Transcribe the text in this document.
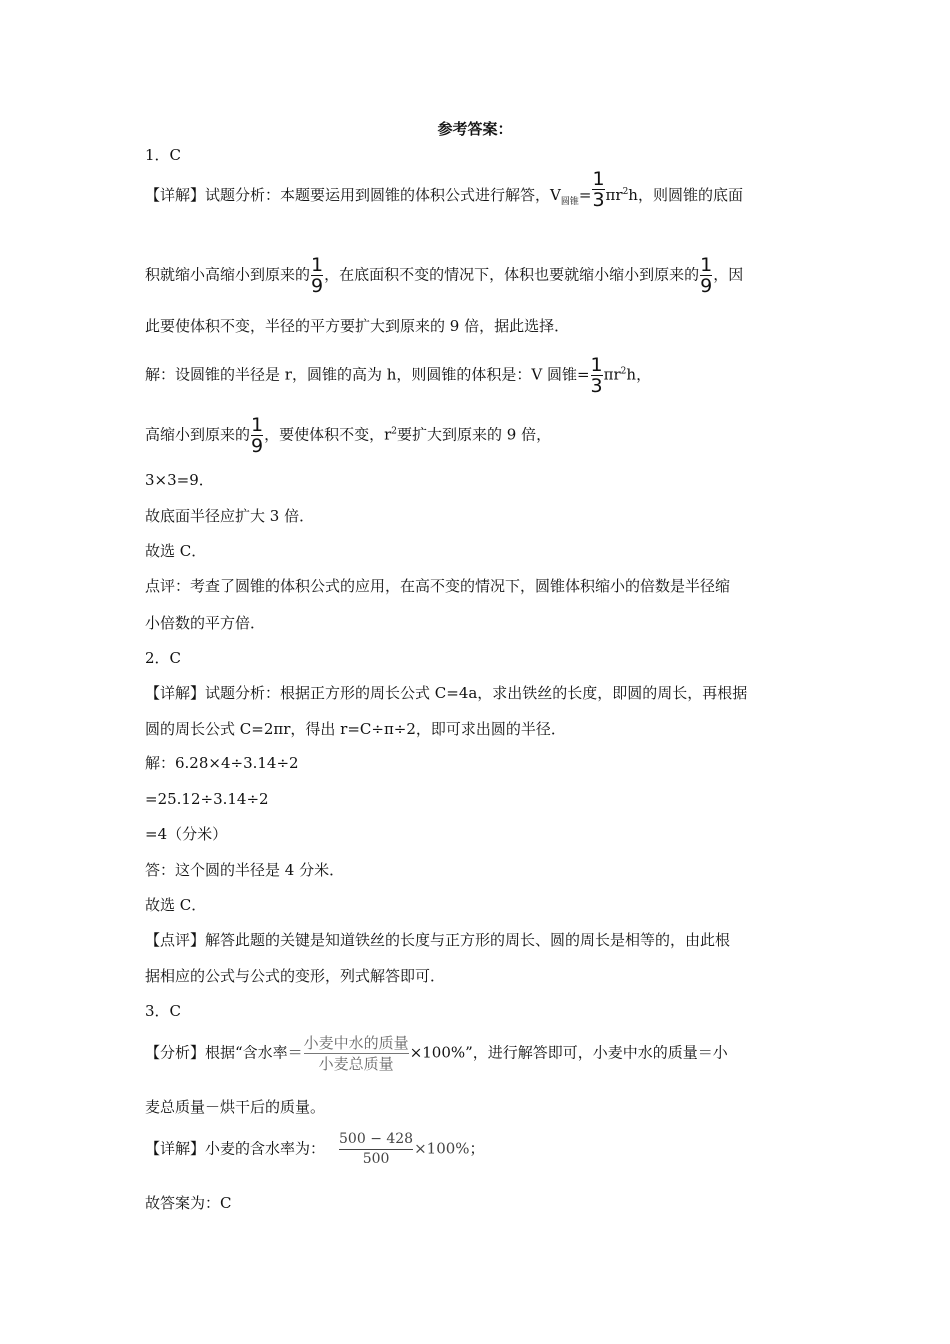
参考答案：
1．C
【详解】试题分析：本题要运用到圆锥的体积公式进行解答，$V_{圆锥}= \frac{1}{3} \pi r^2h$，则圆锥的底面
积就缩小高缩小到原来的 $\frac{1}{9}$ ，在底面积不变的情况下，体积也要就缩小缩小到原来的 $\frac{1}{9}$ ，因
此要使体积不变，半径的平方要扩大到原来的 9 倍，据此选择．
解：设圆锥的半径是 r，圆锥的高为 h，则圆锥的体积是：V 圆锥= $\frac{1}{3} \pi r^2h$，
高缩小到原来的 $\frac{1}{9}$ ，要使体积不变，$r^2$要扩大到原来的 9 倍，
3×3=9．
故底面半径应扩大 3 倍．
故选 C．
点评：考查了圆锥的体积公式的应用，在高不变的情况下，圆锥体积缩小的倍数是半径缩
小倍数的平方倍．
2．C
【详解】试题分析：根据正方形的周长公式 C=4a，求出铁丝的长度，即圆的周长，再根据
圆的周长公式 C=2πr，得出 r=C÷π÷2，即可求出圆的半径．
解：6.28×4÷3.14÷2
=25.12÷3.14÷2
=4（分米）
答：这个圆的半径是 4 分米．
故选 C．
【点评】解答此题的关键是知道铁丝的长度与正方形的周长、圆的周长是相等的，由此根
据相应的公式与公式的变形，列式解答即可．
3．C
【分析】根据“含水率＝ $\frac{\text{小麦中水的质量}}{\text{小麦总质量}} \times 100\%$”，进行解答即可，小麦中水的质量＝小
麦总质量－烘干后的质量。
【详解】小麦的含水率为： $\frac{500 - 428}{500} \times 100\%$；
故答案为：C
